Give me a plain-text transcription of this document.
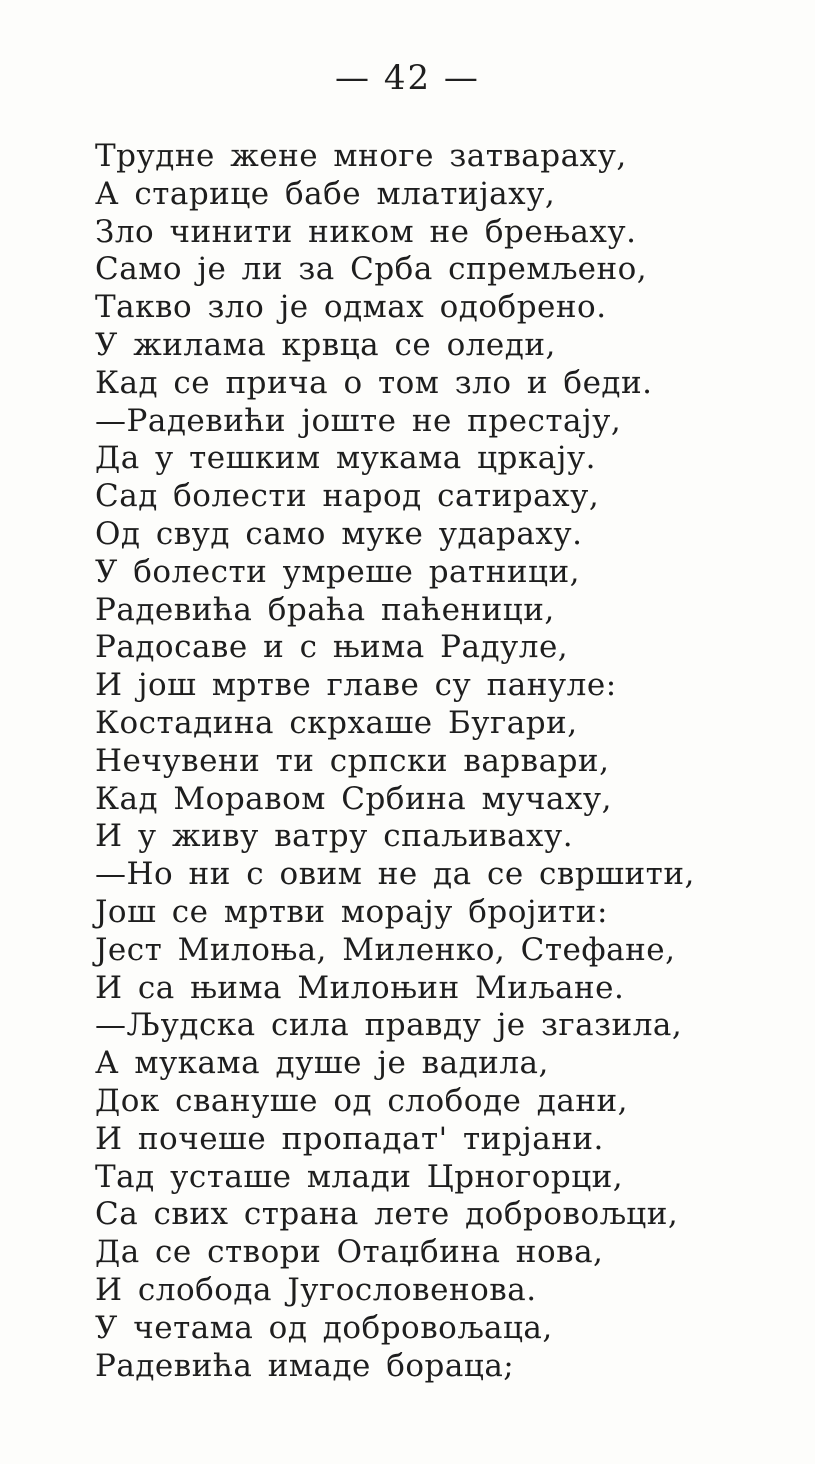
— 42 —
Трудне жене многе затвараху,
А старице бабе млатијаху,
Зло чинити ником не брењаху.
Само је ли за Срба спремљено,
Такво зло је одмах одобрено.
У жилама крвца се оледи,
Кад се прича о том зло и беди.
—Радевићи јоште не престају,
Да у тешким мукама цркају.
Сад болести народ сатираху,
Од свуд само муке удараху.
У болести умреше ратници,
Радевића браћа паћеници,
Радосаве и с њима Радуле,
И још мртве главе су пануле:
Костадина скрхаше Бугари,
Нечувени ти српски варвари,
Кад Моравом Србина мучаху,
И у живу ватру спаљиваху.
—Но ни с овим не да се свршити,
Још се мртви морају бројити:
Јест Милоња, Миленко, Стефане,
И са њима Милоњин Миљане.
—Људска сила правду је згазила,
А мукама душе је вадила,
Док свануше од слободе дани,
И почеше пропадат' тирјани.
Тад усташе млади Црногорци,
Са свих страна лете добровољци,
Да се створи Отаџбина нова,
И слобода Југословенова.
У четама од добровољаца,
Радевића имаде бораца;
